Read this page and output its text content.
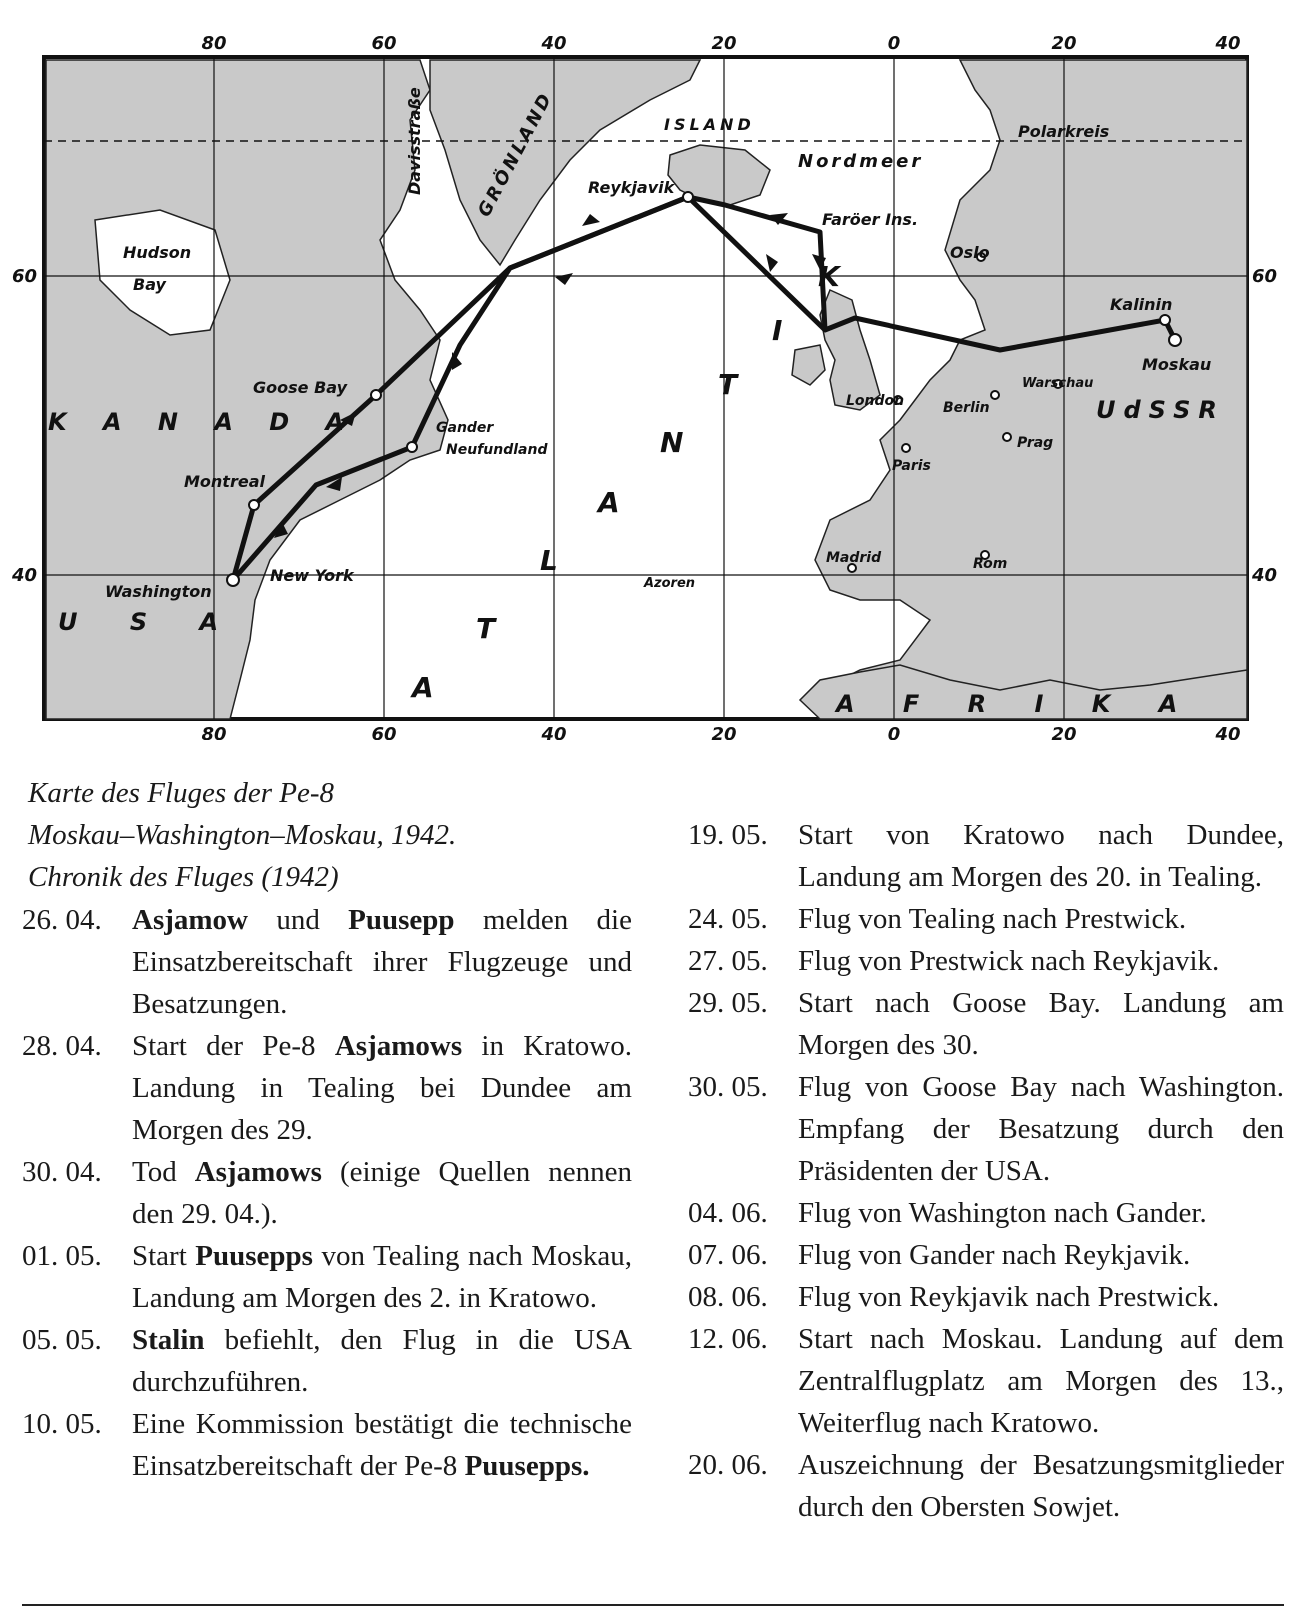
80	60	40	20	0	20	40
80	60	40	20	0	20	40
60
40
60
40
ISLAND	Polarkreis
Nordmeer
GRÖNLAND
Davisstraße	Reykjavik
Faröer Ins.
Oslo
Hudson
Bay
Kalinin
Moskau
Goose Bay
K A N A D A	Gander
Neufundland
Montreal
New York
Washington
U S A
London	Berlin
Warschau
UdSSR
Prag
Paris
Madrid	Rom
Azoren
A F R I K A
A
T
L
A
N
T
I
K
Karte des Fluges der Pe-8
Moskau–Washington–Moskau, 1942.
Chronik des Fluges (1942)
26. 04.	Asjamow und Puusepp melden die Einsatzbereitschaft ihrer Flugzeuge und Besatzungen.
28. 04.	Start der Pe-8 Asjamows in Kratowo. Landung in Tealing bei Dundee am Morgen des 29.
30. 04.	Tod Asjamows (einige Quellen nennen den 29. 04.).
01. 05.	Start Puusepps von Tealing nach Moskau, Landung am Morgen des 2. in Kratowo.
05. 05.	Stalin befiehlt, den Flug in die USA durchzuführen.
10. 05.	Eine Kommission bestätigt die technische Einsatzbereitschaft der Pe-8 Puusepps.
19. 05.	Start von Kratowo nach Dundee, Landung am Morgen des 20. in Tealing.
24. 05.	Flug von Tealing nach Prestwick.
27. 05.	Flug von Prestwick nach Reykjavik.
29. 05.	Start nach Goose Bay. Landung am Morgen des 30.
30. 05.	Flug von Goose Bay nach Washington. Empfang der Besatzung durch den Präsidenten der USA.
04. 06.	Flug von Washington nach Gander.
07. 06.	Flug von Gander nach Reykjavik.
08. 06.	Flug von Reykjavik nach Prestwick.
12. 06.	Start nach Moskau. Landung auf dem Zentralflugplatz am Morgen des 13., Weiterflug nach Kratowo.
20. 06.	Auszeichnung der Besatzungsmitglieder durch den Obersten Sowjet.
